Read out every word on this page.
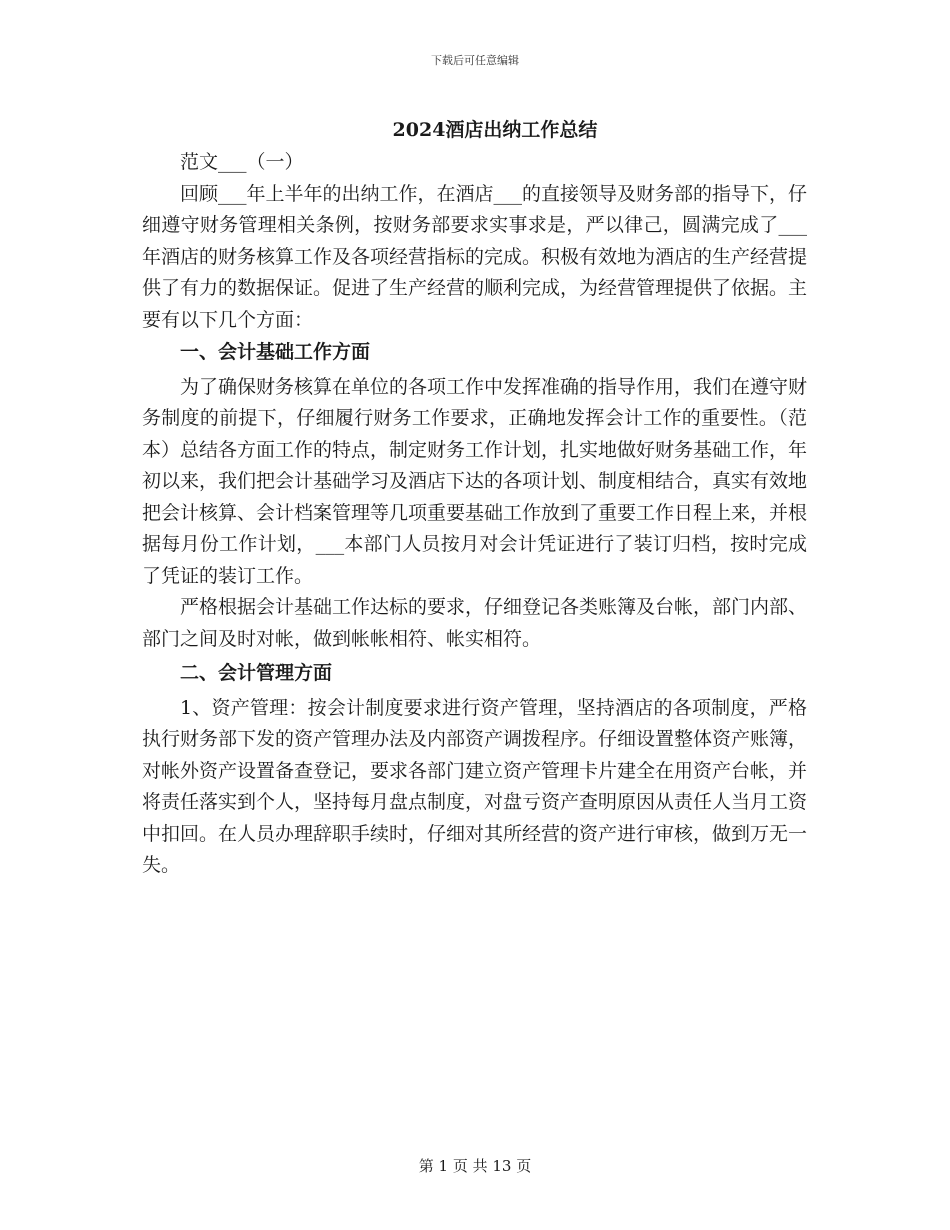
下载后可任意编辑
2024酒店出纳工作总结

范文___（一）

回顾___年上半年的出纳工作，在酒店___的直接领导及财务部的指导下，仔细遵守财务管理相关条例，按财务部要求实事求是，严以律己，圆满完成了___年酒店的财务核算工作及各项经营指标的完成。积极有效地为酒店的生产经营提供了有力的数据保证。促进了生产经营的顺利完成，为经营管理提供了依据。主要有以下几个方面：

一、会计基础工作方面

为了确保财务核算在单位的各项工作中发挥准确的指导作用，我们在遵守财务制度的前提下，仔细履行财务工作要求，正确地发挥会计工作的重要性。（范本）总结各方面工作的特点，制定财务工作计划，扎实地做好财务基础工作，年初以来，我们把会计基础学习及酒店下达的各项计划、制度相结合，真实有效地把会计核算、会计档案管理等几项重要基础工作放到了重要工作日程上来，并根据每月份工作计划，___本部门人员按月对会计凭证进行了装订归档，按时完成了凭证的装订工作。

严格根据会计基础工作达标的要求，仔细登记各类账簿及台帐，部门内部、部门之间及时对帐，做到帐帐相符、帐实相符。

二、会计管理方面

1、资产管理：按会计制度要求进行资产管理，坚持酒店的各项制度，严格执行财务部下发的资产管理办法及内部资产调拨程序。仔细设置整体资产账簿，对帐外资产设置备查登记，要求各部门建立资产管理卡片建全在用资产台帐，并将责任落实到个人，坚持每月盘点制度，对盘亏资产查明原因从责任人当月工资中扣回。在人员办理辞职手续时，仔细对其所经营的资产进行审核，做到万无一失。

第 1 页 共 13 页
